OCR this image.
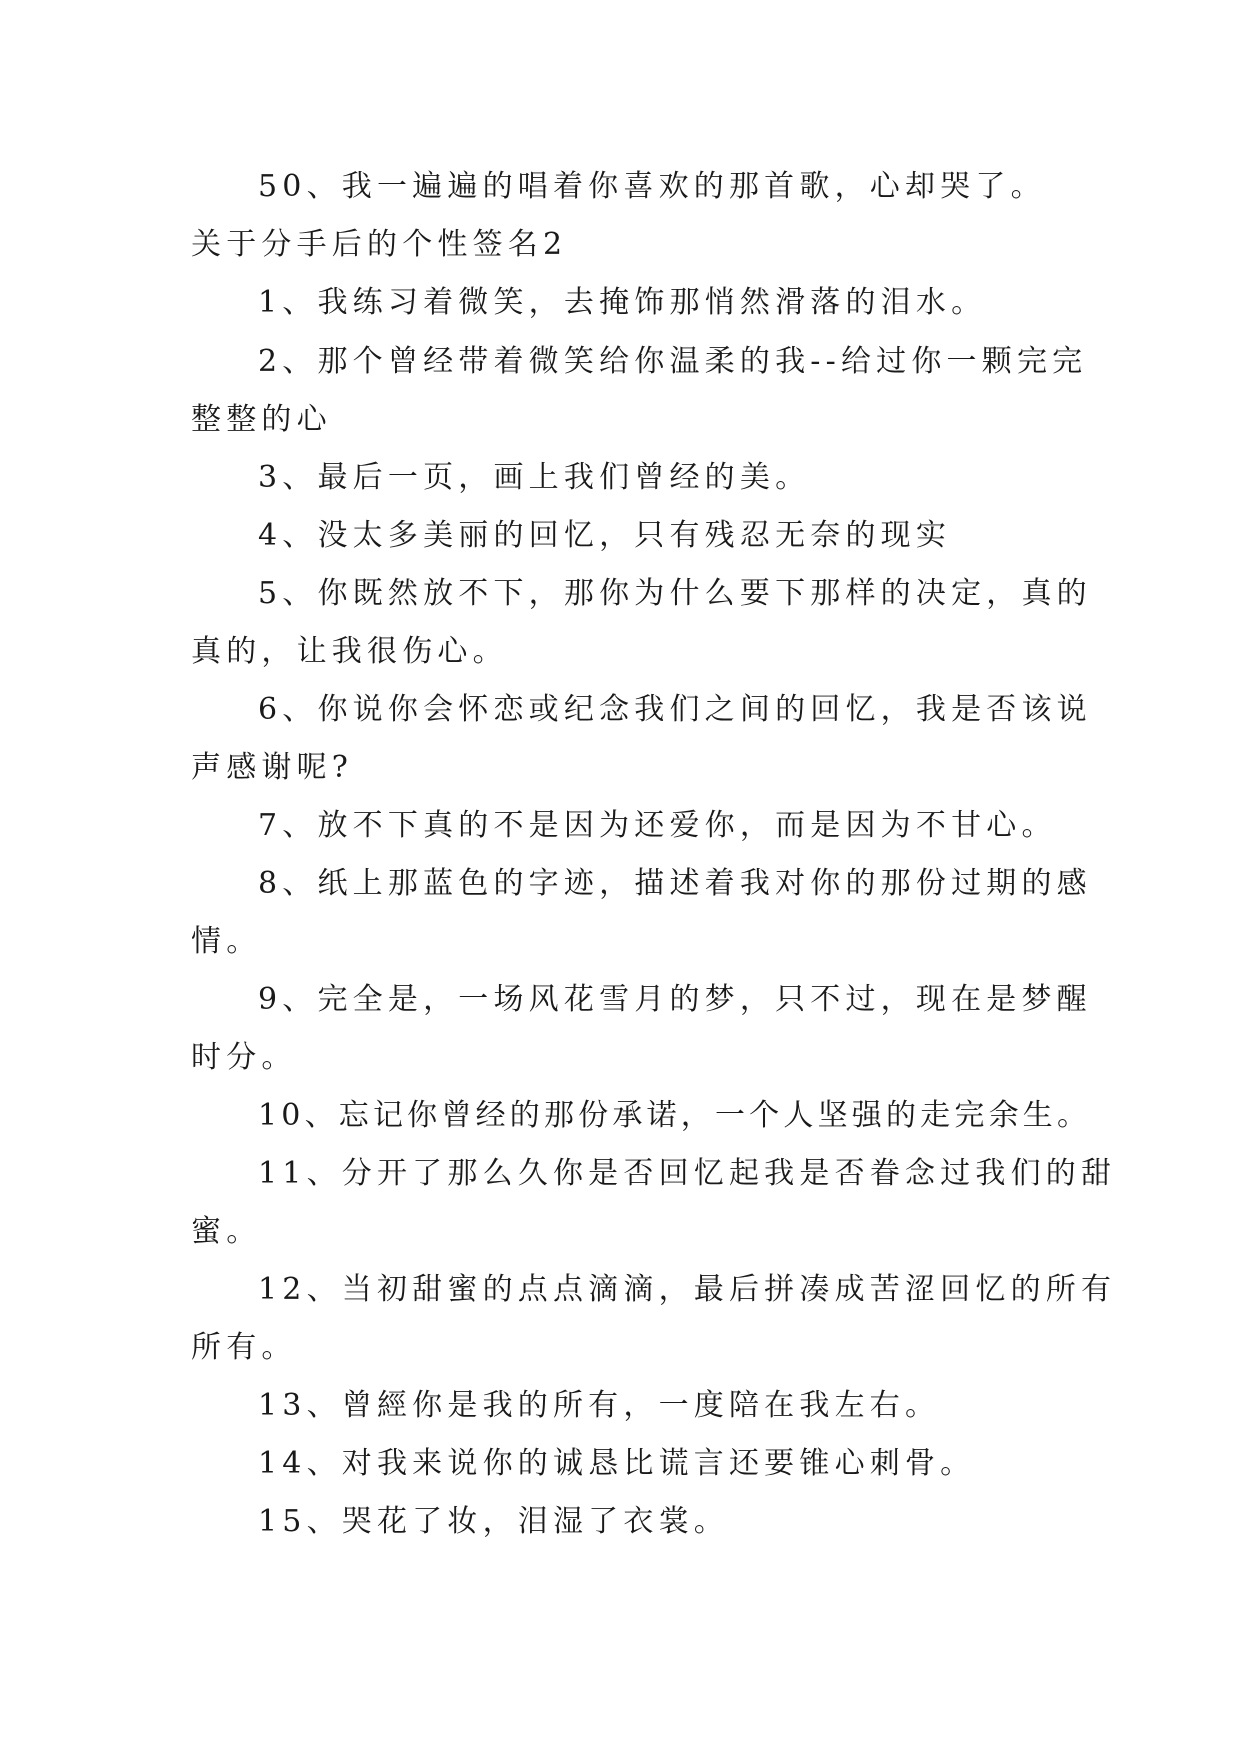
50、我一遍遍的唱着你喜欢的那首歌，心却哭了。

关于分手后的个性签名2

1、我练习着微笑，去掩饰那悄然滑落的泪水。

2、那个曾经带着微笑给你温柔的我--给过你一颗完完

整整的心

3、最后一页，画上我们曾经的美。

4、没太多美丽的回忆，只有残忍无奈的现实

5、你既然放不下，那你为什么要下那样的决定，真的

真的，让我很伤心。

6、你说你会怀恋或纪念我们之间的回忆，我是否该说

声感谢呢?

7、放不下真的不是因为还爱你，而是因为不甘心。

8、纸上那蓝色的字迹，描述着我对你的那份过期的感

情。

9、完全是，一场风花雪月的梦，只不过，现在是梦醒

时分。

10、忘记你曾经的那份承诺，一个人坚强的走完余生。

11、分开了那么久你是否回忆起我是否眷念过我们的甜

蜜。

12、当初甜蜜的点点滴滴，最后拼凑成苦涩回忆的所有

所有。

13、曾經你是我的所有，一度陪在我左右。

14、对我来说你的诚恳比谎言还要锥心刺骨。

15、哭花了妆，泪湿了衣裳。
